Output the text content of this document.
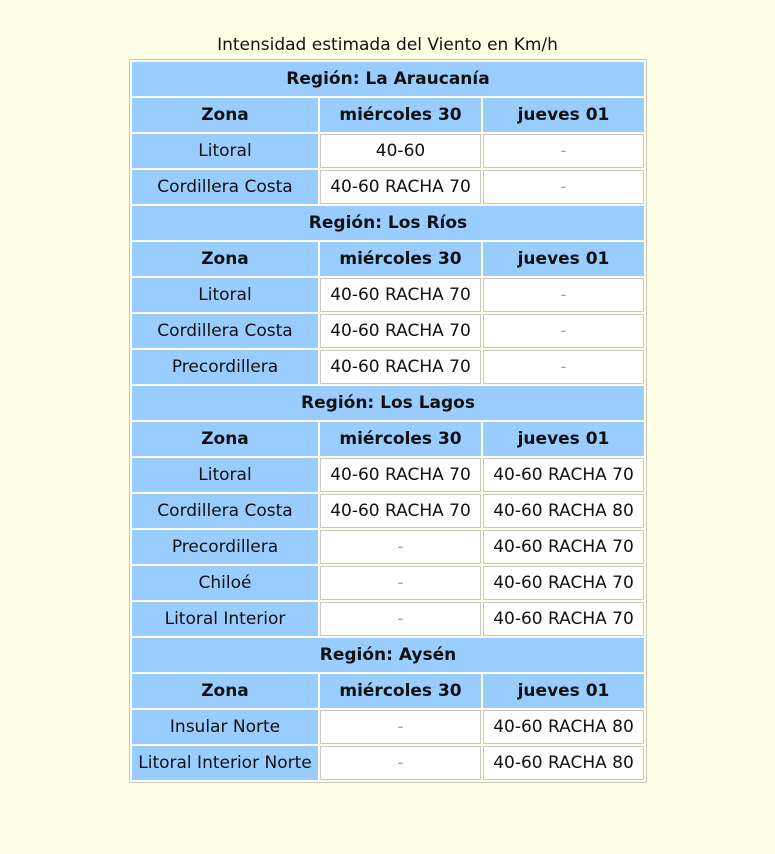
Intensidad estimada del Viento en Km/h
Región: La Araucanía		
Zona	miércoles 30	jueves 01
Litoral	40-60	-
Cordillera Costa	40-60 RACHA 70	-
Región: Los Ríos		
Zona	miércoles 30	jueves 01
Litoral	40-60 RACHA 70	-
Cordillera Costa	40-60 RACHA 70	-
Precordillera	40-60 RACHA 70	-
Región: Los Lagos		
Zona	miércoles 30	jueves 01
Litoral	40-60 RACHA 70	40-60 RACHA 70
Cordillera Costa	40-60 RACHA 70	40-60 RACHA 80
Precordillera	-	40-60 RACHA 70
Chiloé	-	40-60 RACHA 70
Litoral Interior	-	40-60 RACHA 70
Región: Aysén		
Zona	miércoles 30	jueves 01
Insular Norte	-	40-60 RACHA 80
Litoral Interior Norte	-	40-60 RACHA 80
